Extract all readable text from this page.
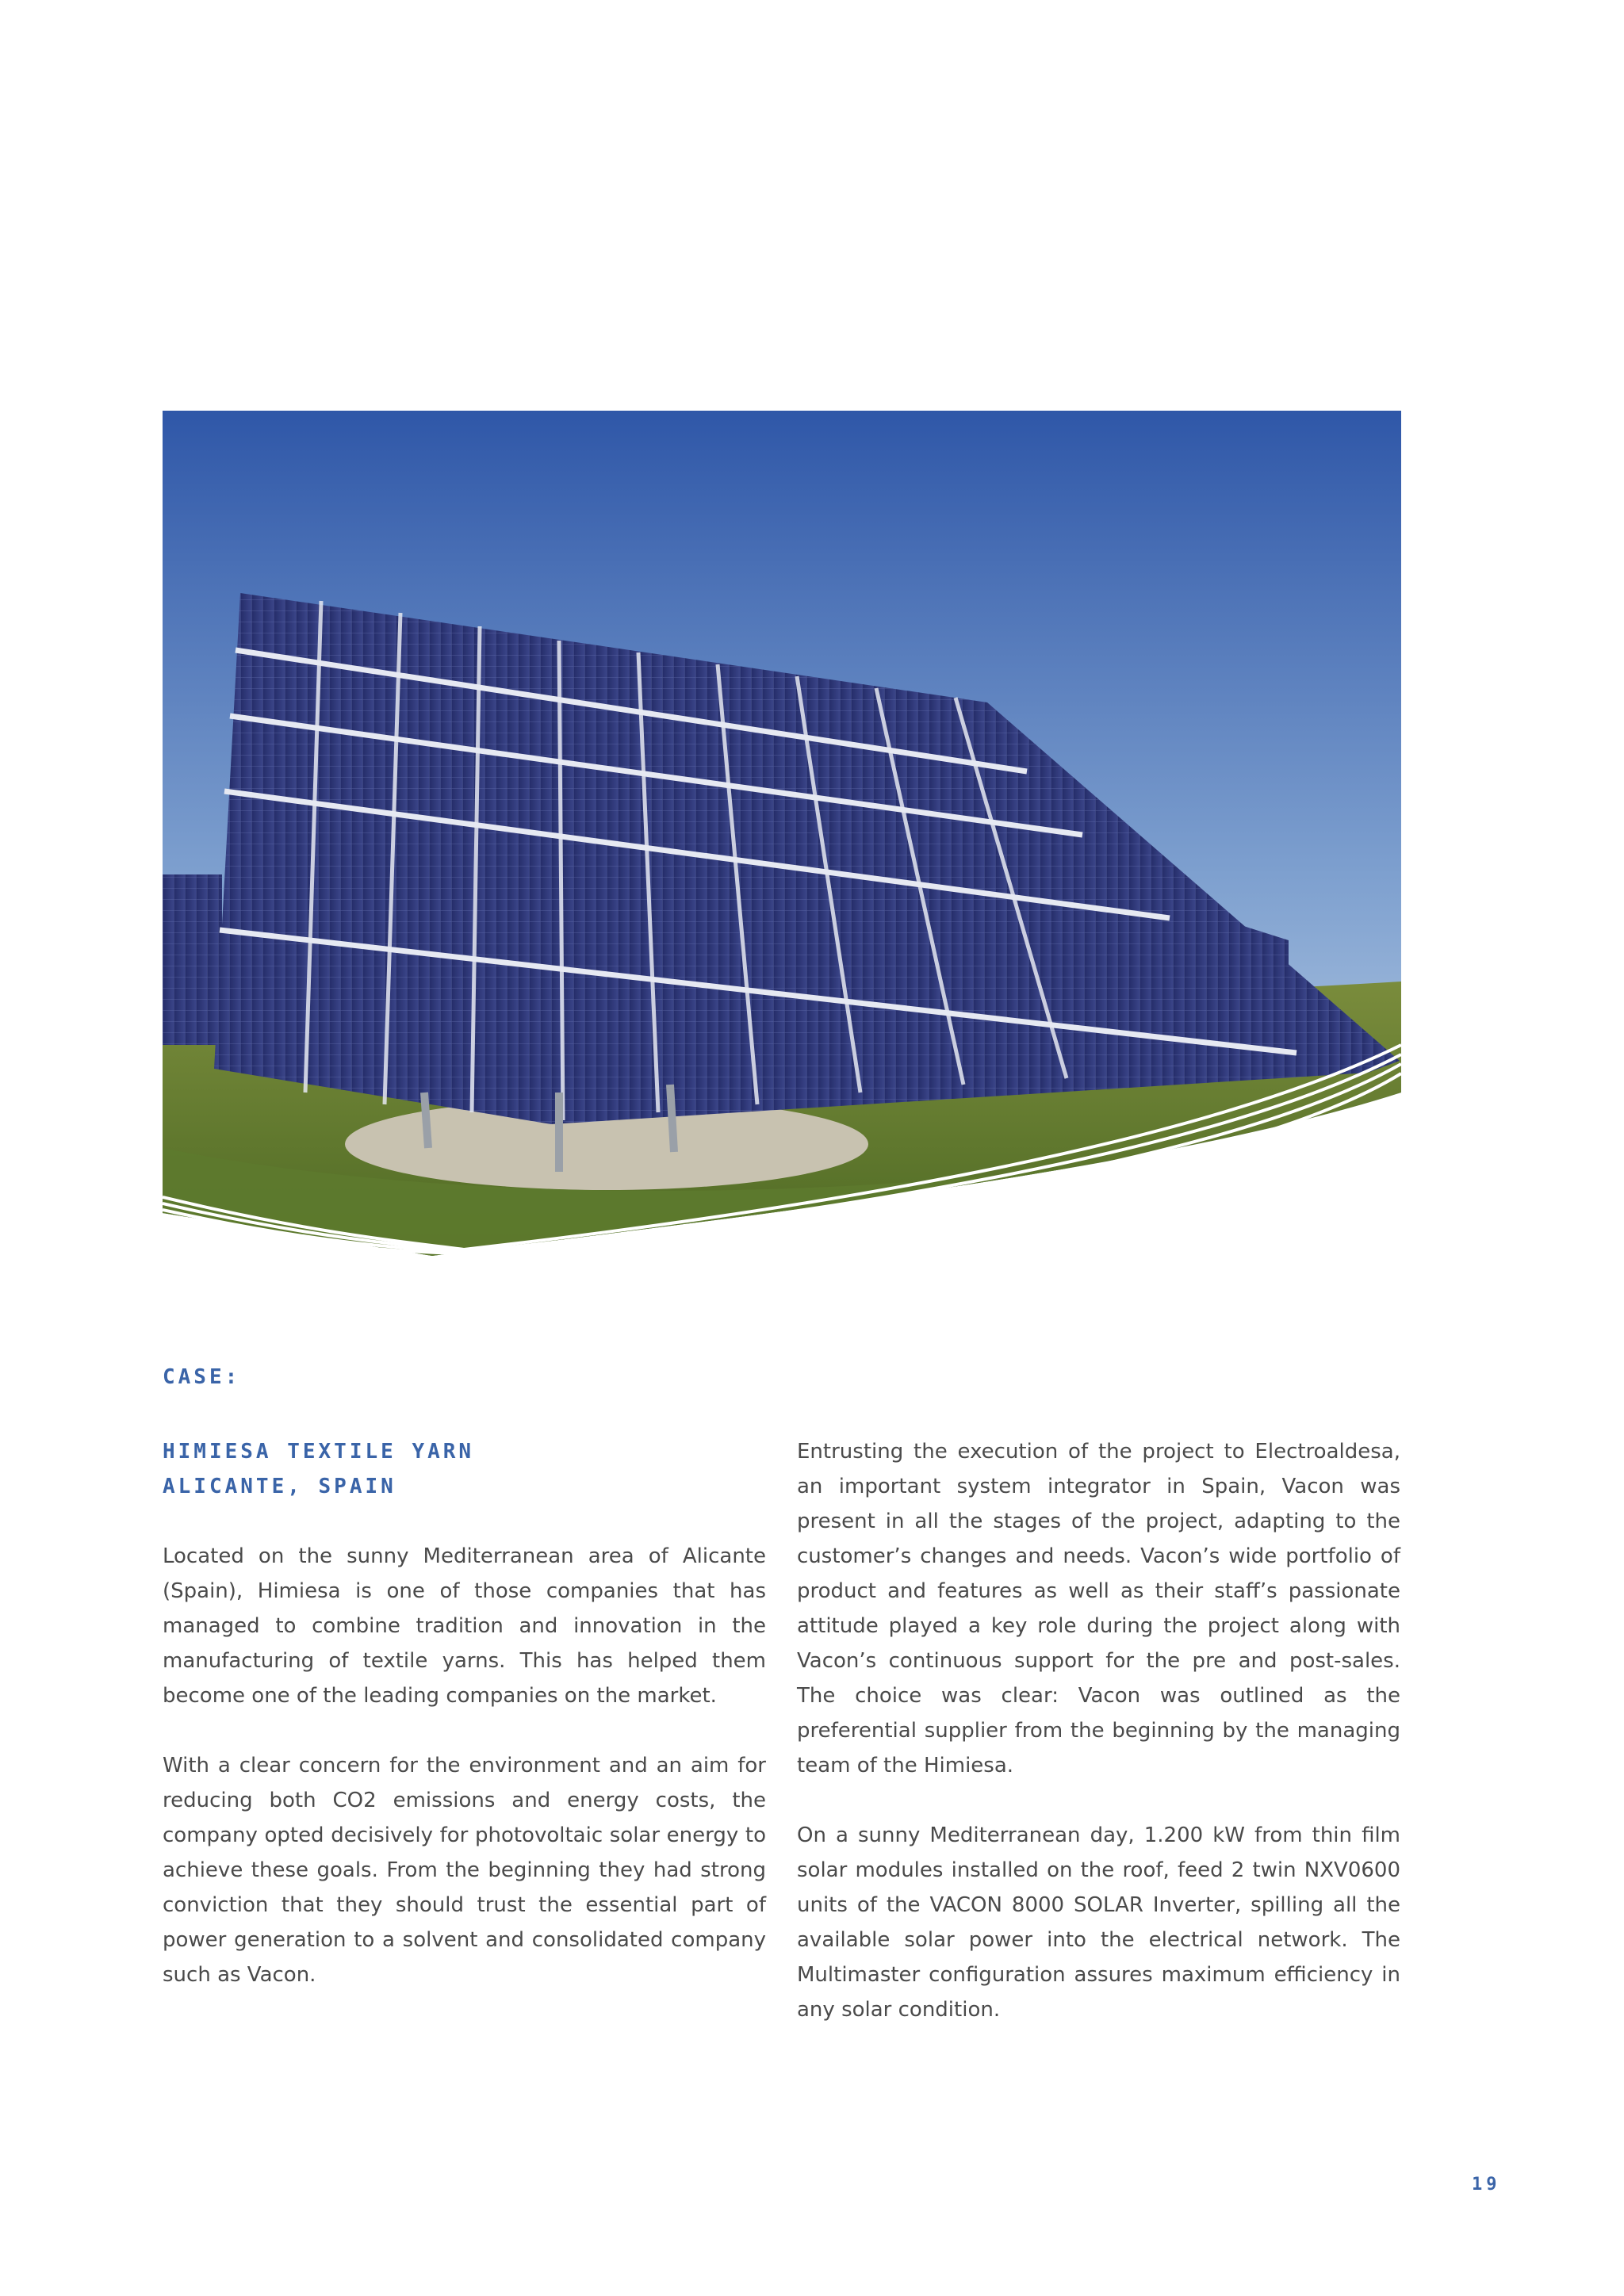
CASE:
HIMIESA TEXTILE YARN
ALICANTE, SPAIN

Located on the sunny Mediterranean area of Alicante (Spain), Himiesa is one of those companies that has managed to combine tradition and innovation in the manufacturing of textile yarns. This has helped them become one of the leading companies on the market.

With a clear concern for the environment and an aim for reducing both CO2 emissions and energy costs, the company opted decisively for photovoltaic solar energy to achieve these goals. From the beginning they had strong conviction that they should trust the essential part of power generation to a solvent and consolidated company such as Vacon.

Entrusting the execution of the project to Electroaldesa, an important system integrator in Spain, Vacon was present in all the stages of the project, adapting to the customer’s changes and needs. Vacon’s wide portfolio of product and features as well as their staff’s passionate attitude played a key role during the project along with Vacon’s continuous support for the pre and post-sales. The choice was clear: Vacon was outlined as the preferential supplier from the beginning by the managing team of the Himiesa.

On a sunny Mediterranean day, 1.200 kW from thin film solar modules installed on the roof, feed 2 twin NXV0600 units of the VACON 8000 SOLAR Inverter, spilling all the available solar power into the electrical network. The Multimaster configuration assures maximum efficiency in any solar condition.

19
